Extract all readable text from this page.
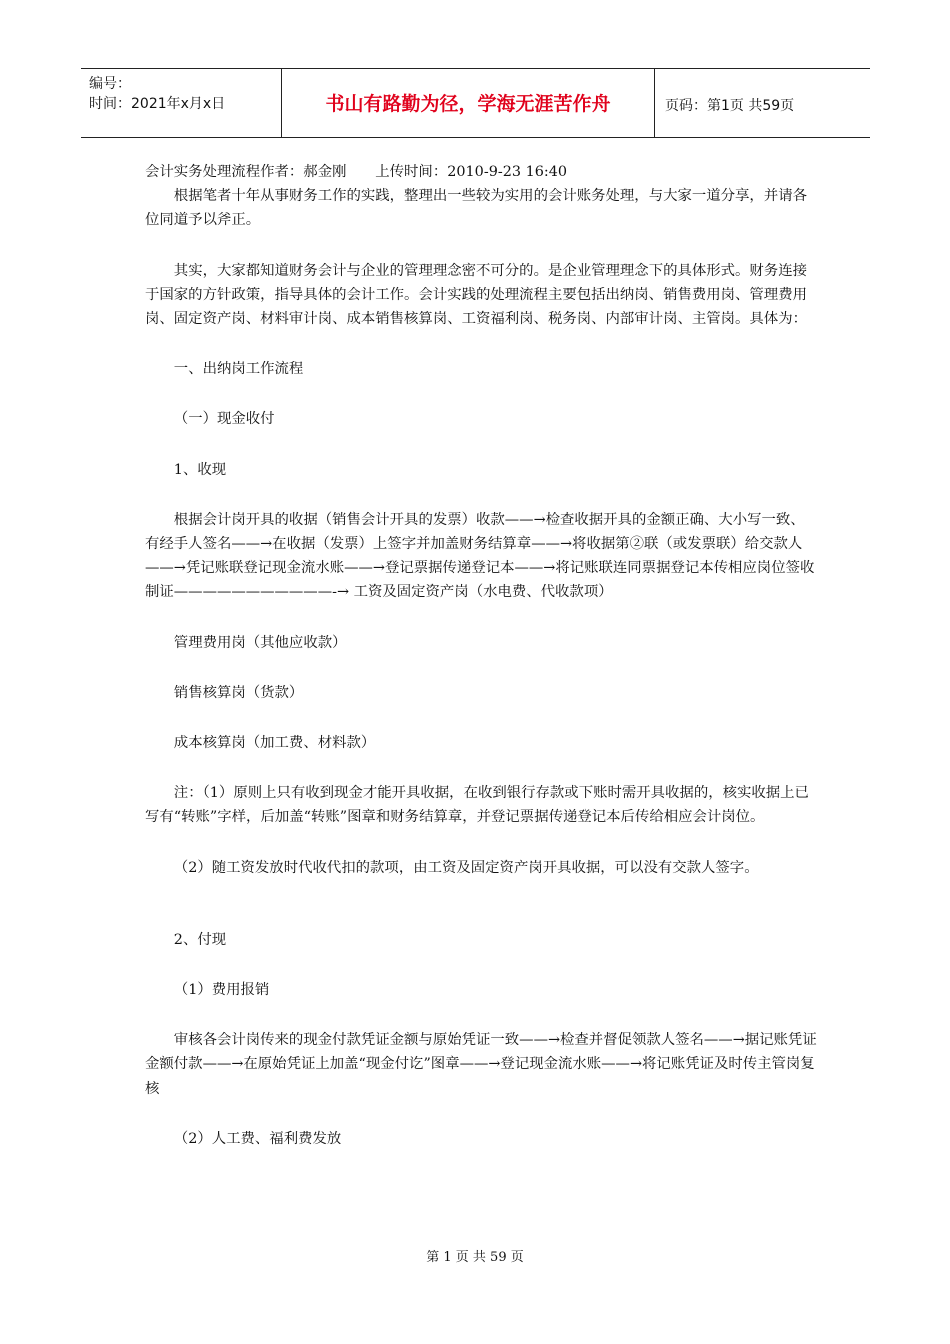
编号：
时间：2021年x月x日	书山有路勤为径，学海无涯苦作舟	页码：第1页 共59页

会计实务处理流程作者：郝金刚　　上传时间：2010-9-23 16:40

根据笔者十年从事财务工作的实践，整理出一些较为实用的会计账务处理，与大家一道分享，并请各位同道予以斧正。

其实，大家都知道财务会计与企业的管理理念密不可分的。是企业管理理念下的具体形式。财务连接于国家的方针政策，指导具体的会计工作。会计实践的处理流程主要包括出纳岗、销售费用岗、管理费用岗、固定资产岗、材料审计岗、成本销售核算岗、工资福利岗、税务岗、内部审计岗、主管岗。具体为：

一、出纳岗工作流程

（一）现金收付

1、收现

根据会计岗开具的收据（销售会计开具的发票）收款——→检查收据开具的金额正确、大小写一致、有经手人签名——→在收据（发票）上签字并加盖财务结算章——→将收据第②联（或发票联）给交款人——→凭记账联登记现金流水账——→登记票据传递登记本——→将记账联连同票据登记本传相应岗位签收制证———————————-→ 工资及固定资产岗（水电费、代收款项）

管理费用岗（其他应收款）

销售核算岗（货款）

成本核算岗（加工费、材料款）

注：（1）原则上只有收到现金才能开具收据，在收到银行存款或下账时需开具收据的，核实收据上已写有“转账”字样，后加盖“转账”图章和财务结算章，并登记票据传递登记本后传给相应会计岗位。

（2）随工资发放时代收代扣的款项，由工资及固定资产岗开具收据，可以没有交款人签字。

2、付现

（1）费用报销

审核各会计岗传来的现金付款凭证金额与原始凭证一致——→检查并督促领款人签名——→据记账凭证金额付款——→在原始凭证上加盖“现金付讫”图章——→登记现金流水账——→将记账凭证及时传主管岗复核

（2）人工费、福利费发放

第 1 页 共 59 页
